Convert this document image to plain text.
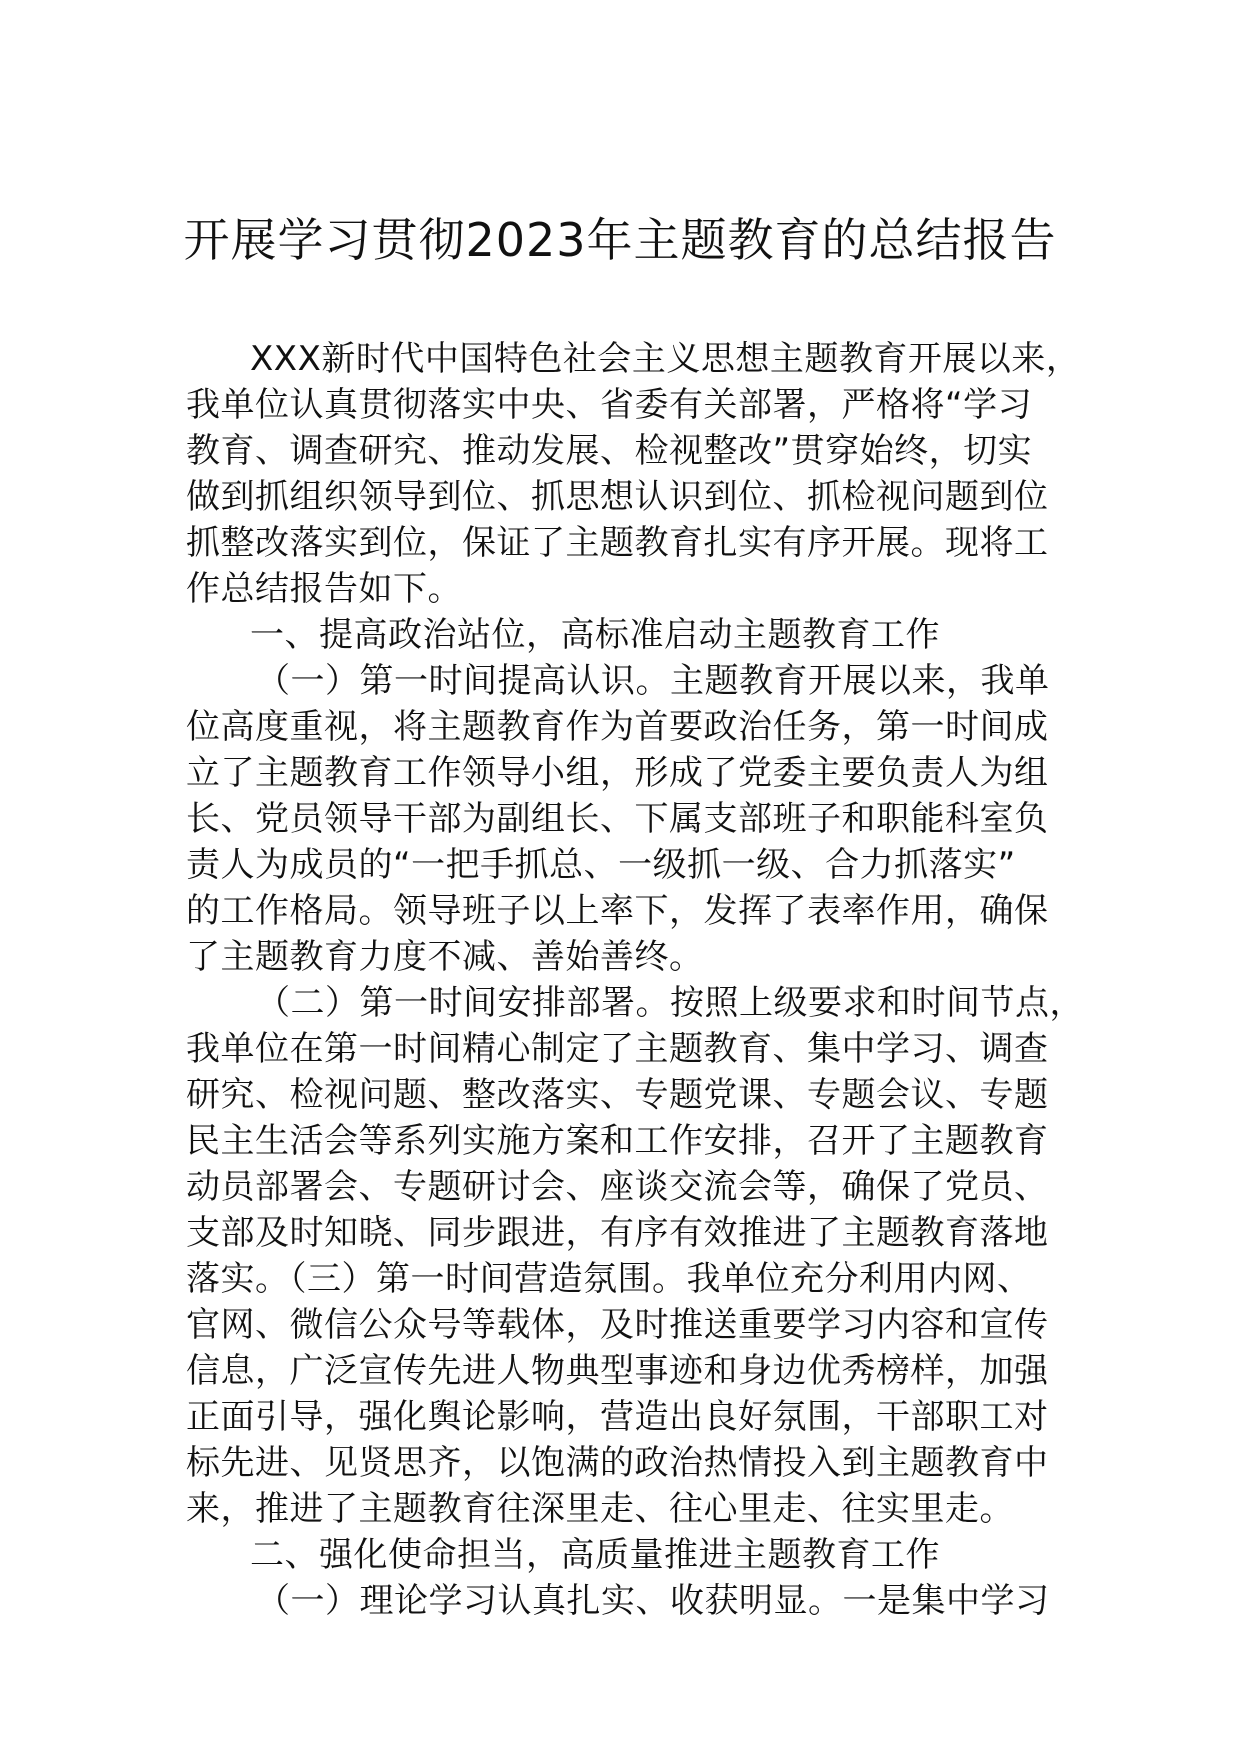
开展学习贯彻2023年主题教育的总结报告
XXX新时代中国特色社会主义思想主题教育开展以来，
我单位认真贯彻落实中央、省委有关部署，严格将“学习
教育、调查研究、推动发展、检视整改”贯穿始终，切实
做到抓组织领导到位、抓思想认识到位、抓检视问题到位
抓整改落实到位，保证了主题教育扎实有序开展。现将工
作总结报告如下。
一、提高政治站位，高标准启动主题教育工作
（一）第一时间提高认识。主题教育开展以来，我单
位高度重视，将主题教育作为首要政治任务，第一时间成
立了主题教育工作领导小组，形成了党委主要负责人为组
长、党员领导干部为副组长、下属支部班子和职能科室负
责人为成员的“一把手抓总、一级抓一级、合力抓落实”
的工作格局。领导班子以上率下，发挥了表率作用，确保
了主题教育力度不减、善始善终。
（二）第一时间安排部署。按照上级要求和时间节点，
我单位在第一时间精心制定了主题教育、集中学习、调查
研究、检视问题、整改落实、专题党课、专题会议、专题
民主生活会等系列实施方案和工作安排，召开了主题教育
动员部署会、专题研讨会、座谈交流会等，确保了党员、
支部及时知晓、同步跟进，有序有效推进了主题教育落地
落实。（三）第一时间营造氛围。我单位充分利用内网、
官网、微信公众号等载体，及时推送重要学习内容和宣传
信息，广泛宣传先进人物典型事迹和身边优秀榜样，加强
正面引导，强化舆论影响，营造出良好氛围，干部职工对
标先进、见贤思齐，以饱满的政治热情投入到主题教育中
来，推进了主题教育往深里走、往心里走、往实里走。
二、强化使命担当，高质量推进主题教育工作
（一）理论学习认真扎实、收获明显。一是集中学习
